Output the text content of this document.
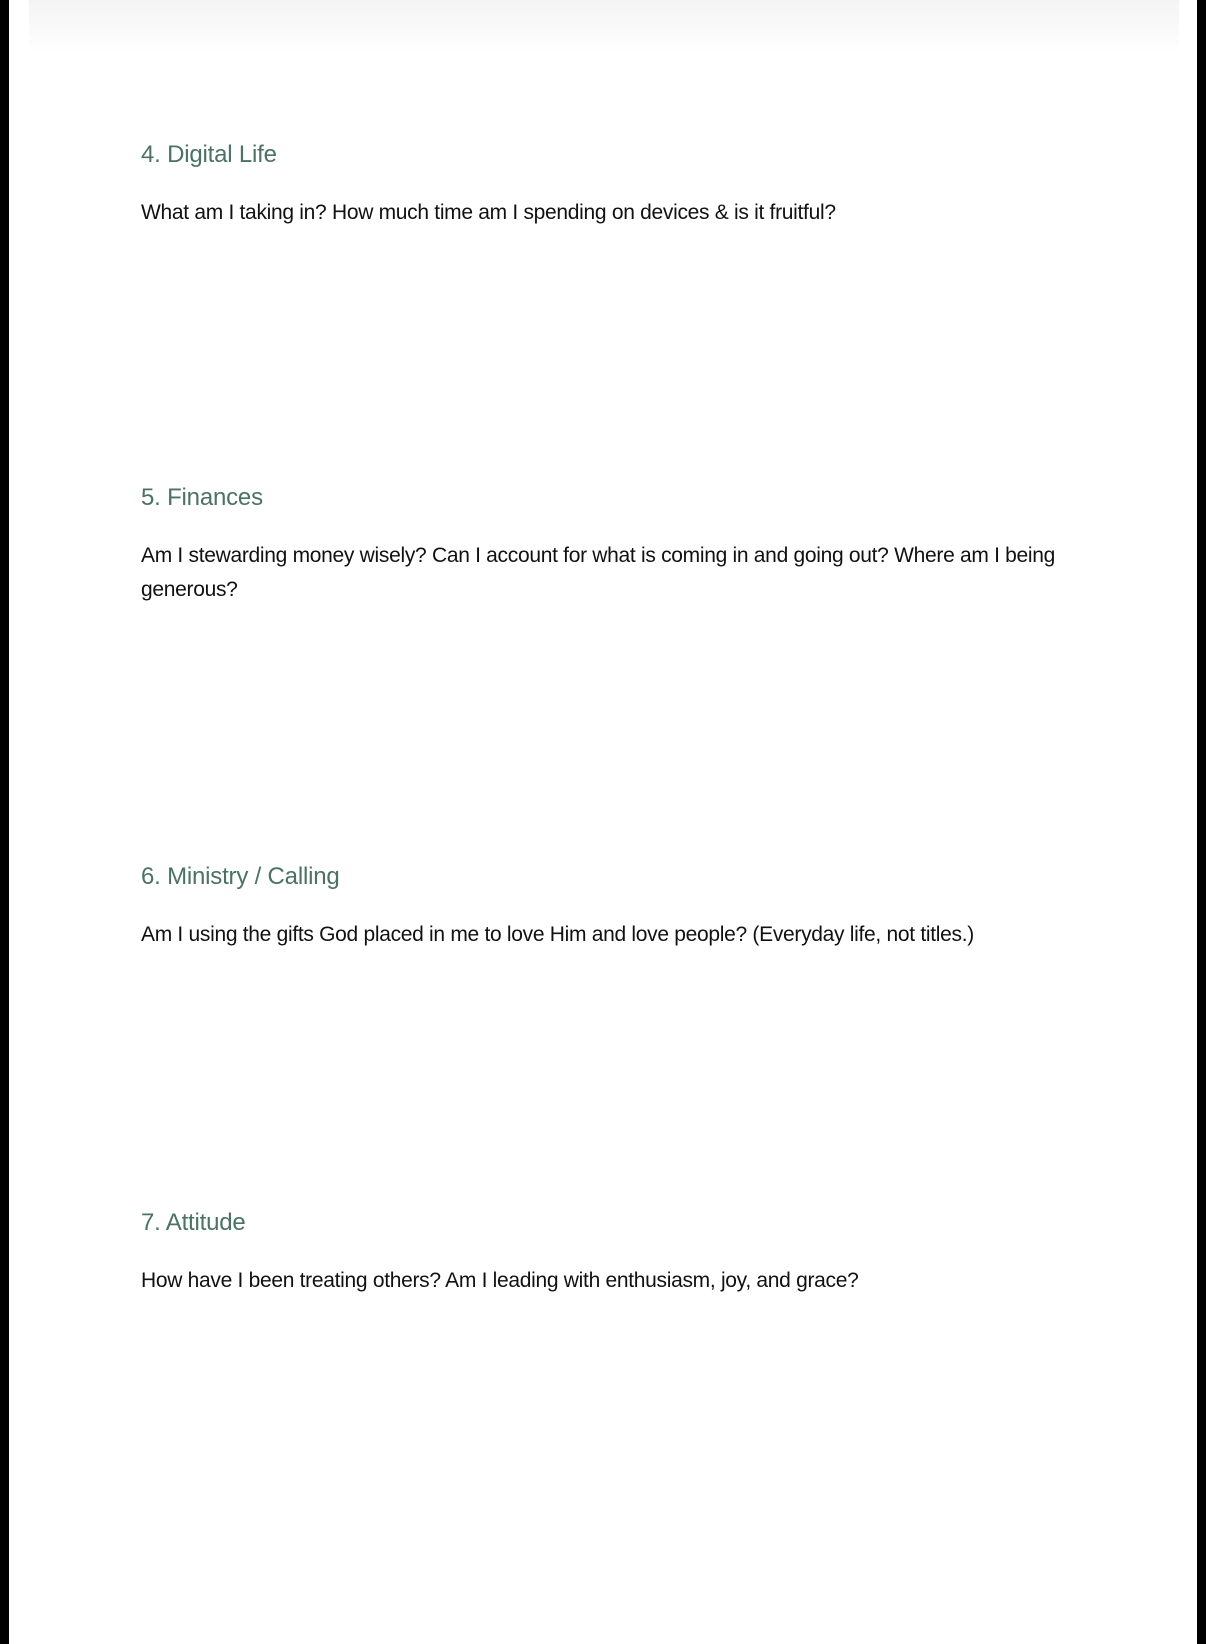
4. Digital Life

What am I taking in? How much time am I spending on devices & is it fruitful?

5. Finances

Am I stewarding money wisely? Can I account for what is coming in and going out? Where am I being generous?

6. Ministry / Calling

Am I using the gifts God placed in me to love Him and love people? (Everyday life, not titles.)

7. Attitude

How have I been treating others? Am I leading with enthusiasm, joy, and grace?
